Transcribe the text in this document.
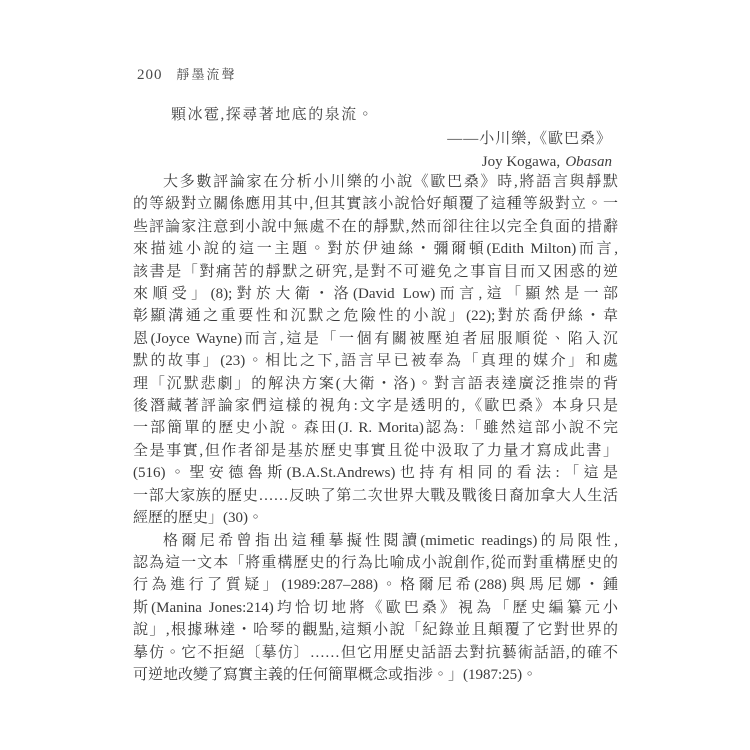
200 靜墨流聲
顆冰雹,探尋著地底的泉流。
——小川樂,《歐巴桑》
Joy Kogawa, Obasan
大多數評論家在分析小川樂的小說《歐巴桑》時,將語言與靜默
的等級對立關係應用其中,但其實該小說恰好顛覆了這種等級對立。一
些評論家注意到小說中無處不在的靜默,然而卻往往以完全負面的措辭
來描述小說的這一主題。對於伊迪絲・彌爾頓(Edith Milton)而言,
該書是「對痛苦的靜默之研究,是對不可避免之事盲目而又困惑的逆
來順受」(8);對於大衛・洛(David Low)而言,這「顯然是一部
彰顯溝通之重要性和沉默之危險性的小說」(22);對於喬伊絲・韋
恩(Joyce Wayne)而言,這是「一個有關被壓迫者屈服順從、陷入沉
默的故事」(23)。相比之下,語言早已被奉為「真理的媒介」和處
理「沉默悲劇」的解決方案(大衛・洛)。對言語表達廣泛推崇的背
後潛藏著評論家們這樣的視角:文字是透明的,《歐巴桑》本身只是
一部簡單的歷史小說。森田(J. R. Morita)認為:「雖然這部小說不完
全是事實,但作者卻是基於歷史事實且從中汲取了力量才寫成此書」
(516)。聖安德魯斯(B.A.St.Andrews)也持有相同的看法:「這是
一部大家族的歷史……反映了第二次世界大戰及戰後日裔加拿大人生活
經歷的歷史」(30)。
格爾尼希曾指出這種摹擬性閱讀(mimetic readings)的局限性,
認為這一文本「將重構歷史的行為比喻成小說創作,從而對重構歷史的
行為進行了質疑」(1989:287–288)。格爾尼希(288)與馬尼娜・鍾
斯(Manina Jones:214)均恰切地將《歐巴桑》視為「歷史編纂元小
說」,根據琳達・哈琴的觀點,這類小說「紀錄並且顛覆了它對世界的
摹仿。它不拒絕〔摹仿〕……但它用歷史話語去對抗藝術話語,的確不
可逆地改變了寫實主義的任何簡單概念或指涉。」(1987:25)。
